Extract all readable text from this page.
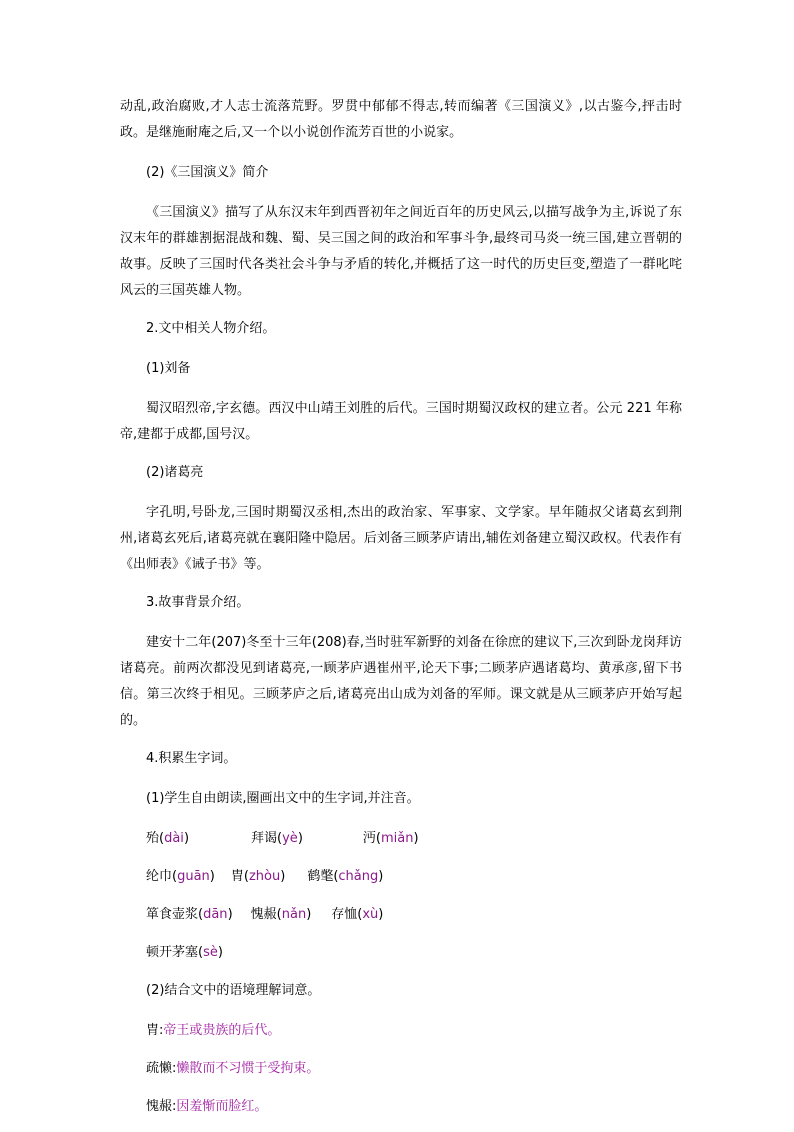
动乱,政治腐败,才人志士流落荒野。罗贯中郁郁不得志,转而编著《三国演义》,以古鉴今,抨击时政。是继施耐庵之后,又一个以小说创作流芳百世的小说家。

(2)《三国演义》简介

《三国演义》描写了从东汉末年到西晋初年之间近百年的历史风云,以描写战争为主,诉说了东汉末年的群雄割据混战和魏、蜀、吴三国之间的政治和军事斗争,最终司马炎一统三国,建立晋朝的故事。反映了三国时代各类社会斗争与矛盾的转化,并概括了这一时代的历史巨变,塑造了一群叱咤风云的三国英雄人物。

2.文中相关人物介绍。

(1)刘备

蜀汉昭烈帝,字玄德。西汉中山靖王刘胜的后代。三国时期蜀汉政权的建立者。公元 221 年称帝,建都于成都,国号汉。

(2)诸葛亮

字孔明,号卧龙,三国时期蜀汉丞相,杰出的政治家、军事家、文学家。早年随叔父诸葛玄到荆州,诸葛玄死后,诸葛亮就在襄阳隆中隐居。后刘备三顾茅庐请出,辅佐刘备建立蜀汉政权。代表作有《出师表》《诫子书》等。

3.故事背景介绍。

建安十二年(207)冬至十三年(208)春,当时驻军新野的刘备在徐庶的建议下,三次到卧龙岗拜访诸葛亮。前两次都没见到诸葛亮,一顾茅庐遇崔州平,论天下事;二顾茅庐遇诸葛均、黄承彦,留下书信。第三次终于相见。三顾茅庐之后,诸葛亮出山成为刘备的军师。课文就是从三顾茅庐开始写起的。

4.积累生字词。

(1)学生自由朗读,圈画出文中的生字词,并注音。

殆(dài)	拜谒(yè)	沔(miǎn)

纶巾(guān) 胄(zhòu) 鹤氅(chǎng)

箪食壶浆(dān) 愧赧(nǎn) 存恤(xù)

顿开茅塞(sè)

(2)结合文中的语境理解词意。

胄:帝王或贵族的后代。

疏懒:懒散而不习惯于受拘束。

愧赧:因羞惭而脸红。
